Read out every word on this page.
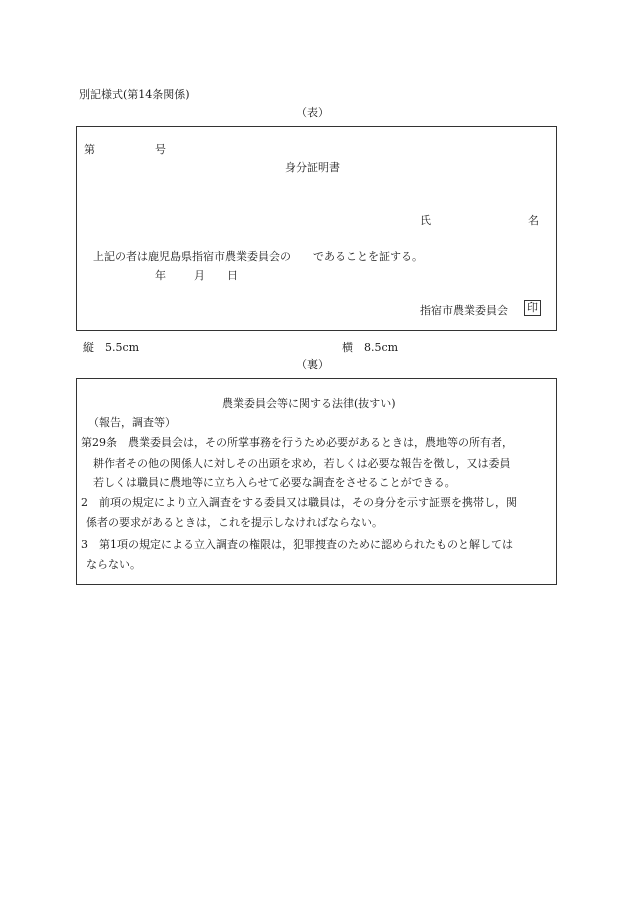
別記様式(第14条関係)
（表）
第	号
身分証明書
氏	名
上記の者は鹿児島県指宿市農業委員会の　　であることを証する。
年	月 日
指宿市農業委員会 印
縦　5.5cm	横　8.5cm
（裏）
農業委員会等に関する法律(抜すい)
（報告，調査等）
第29条　農業委員会は，その所掌事務を行うため必要があるときは，農地等の所有者，
耕作者その他の関係人に対しその出頭を求め，若しくは必要な報告を徴し，又は委員
若しくは職員に農地等に立ち入らせて必要な調査をさせることができる。
2　前項の規定により立入調査をする委員又は職員は，その身分を示す証票を携帯し，関
係者の要求があるときは，これを提示しなければならない。
3　第1項の規定による立入調査の権限は，犯罪捜査のために認められたものと解しては
ならない。
